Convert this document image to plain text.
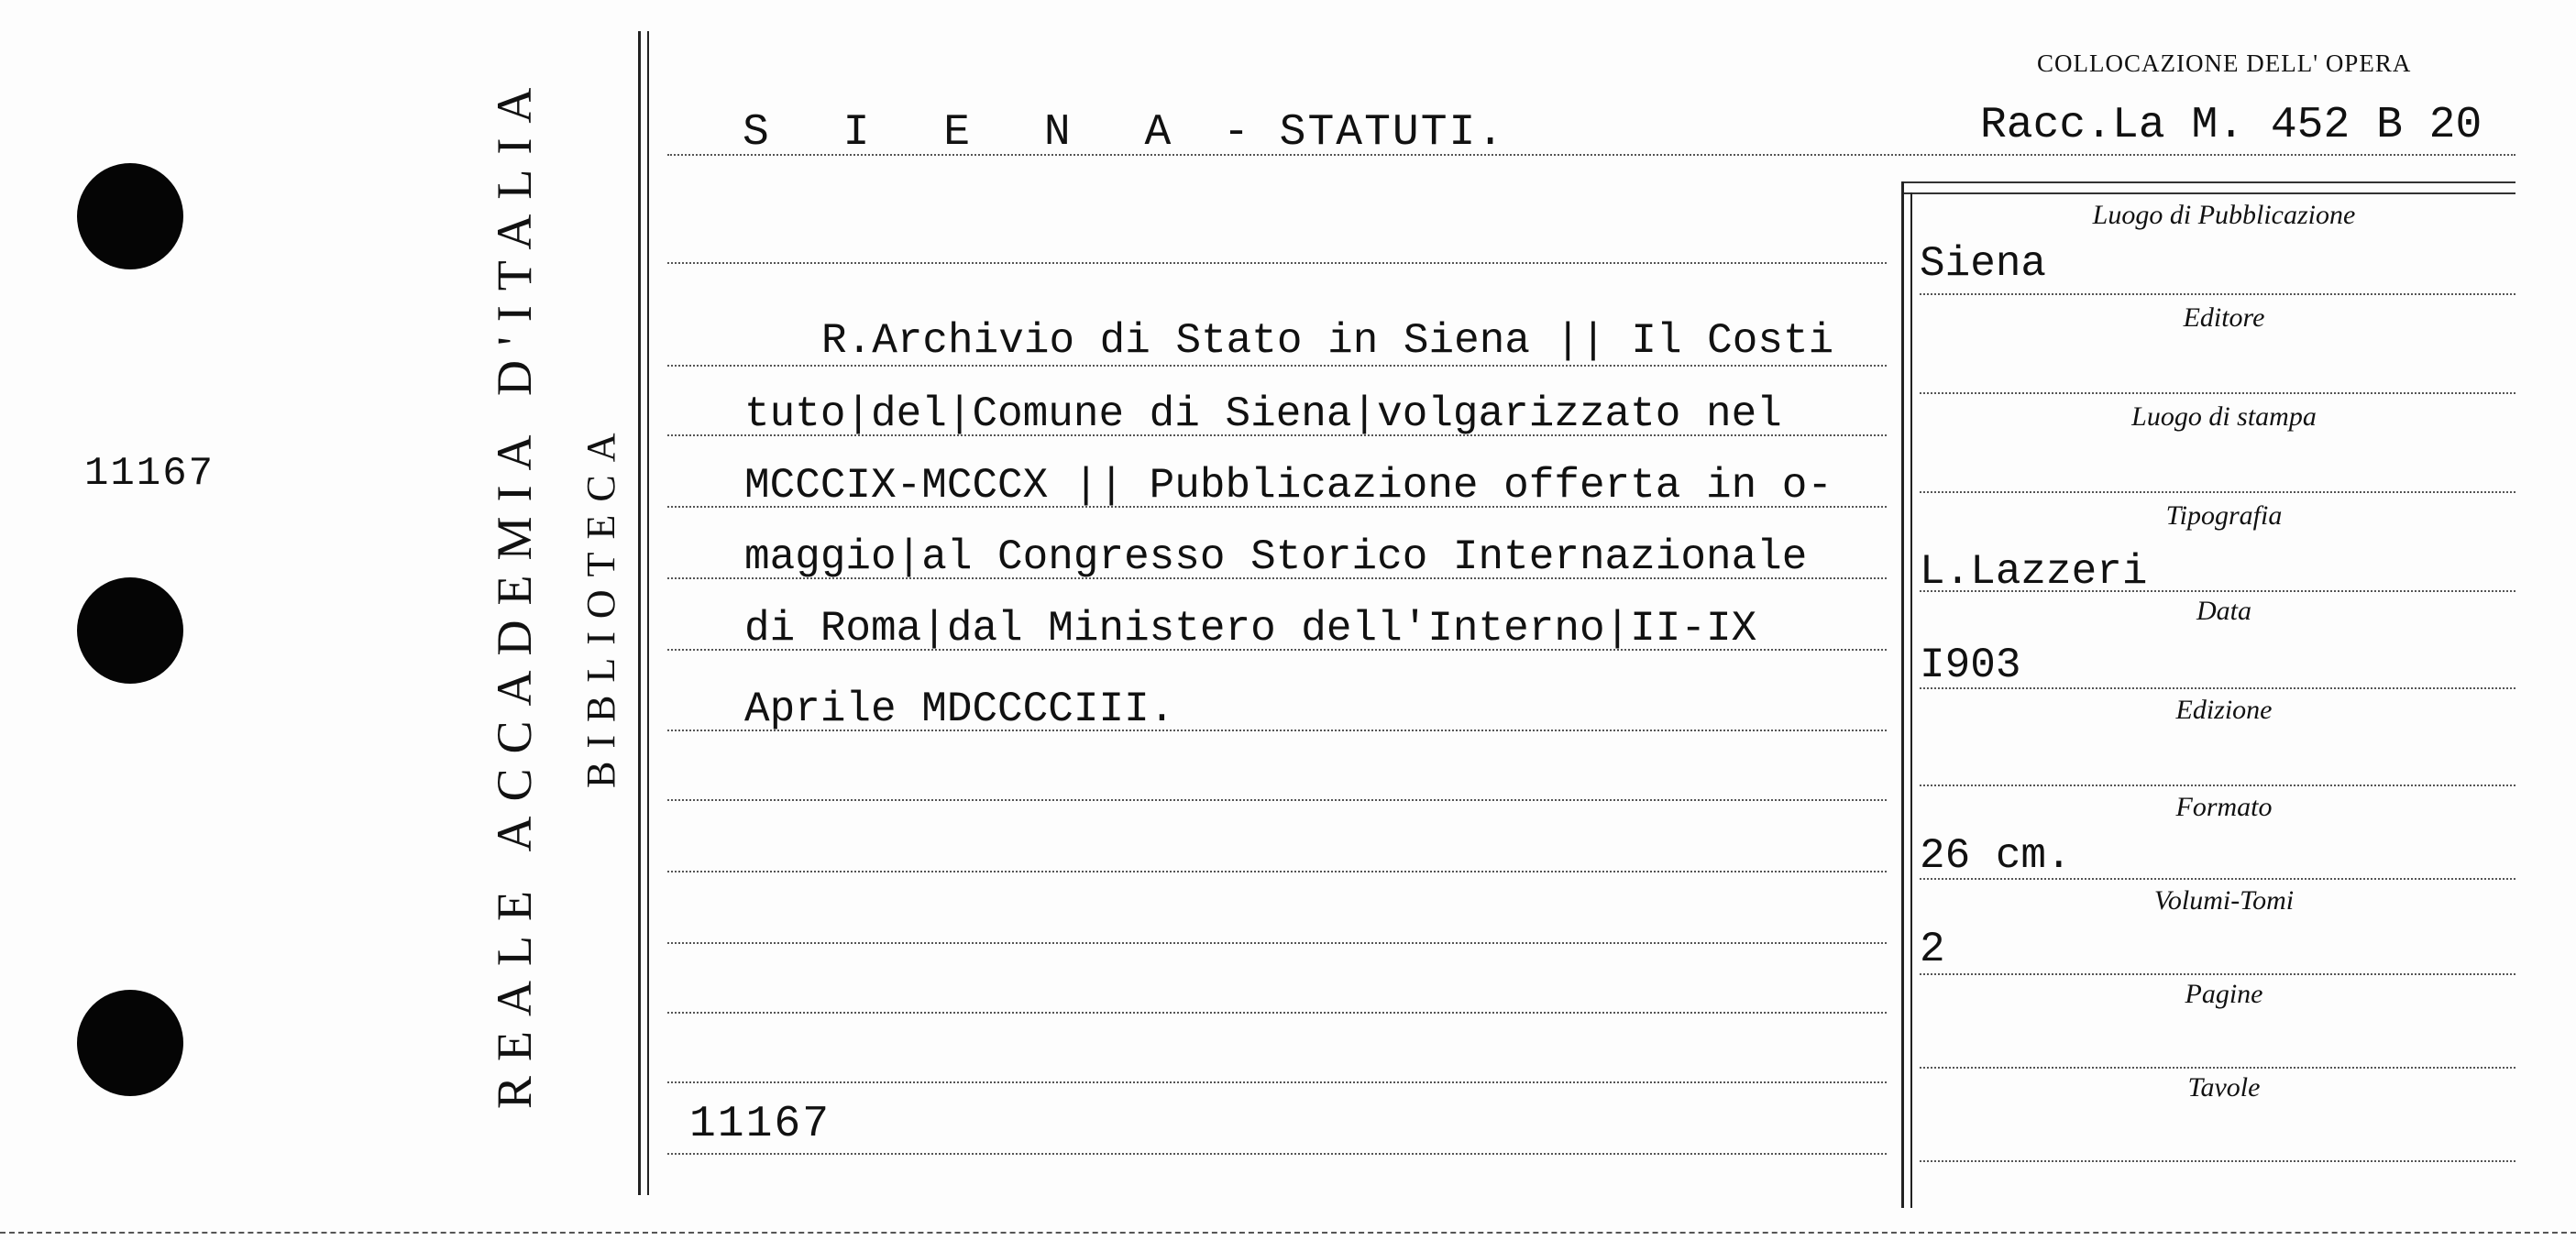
11167	REALE ACCADEMIA D'ITALIA BIBLIOTECA
COLLOCAZIONE DELL' OPERA
S I E N A - STATUTI.	Racc.La M. 452 B 20
R.Archivio di Stato in Siena || Il Costi
tuto|del|Comune di Siena|volgarizzato nel
MCCCIX-MCCCX || Pubblicazione offerta in o-
maggio|al Congresso Storico Internazionale
di Roma|dal Ministero dell'Interno|II-IX
Aprile MDCCCCIII.
11167
Luogo di Pubblicazione
Siena
Editore
Luogo di stampa
Tipografia
L.Lazzeri
Data
I903
Edizione
Formato
26 cm.
Volumi-Tomi
2
Pagine
Tavole
